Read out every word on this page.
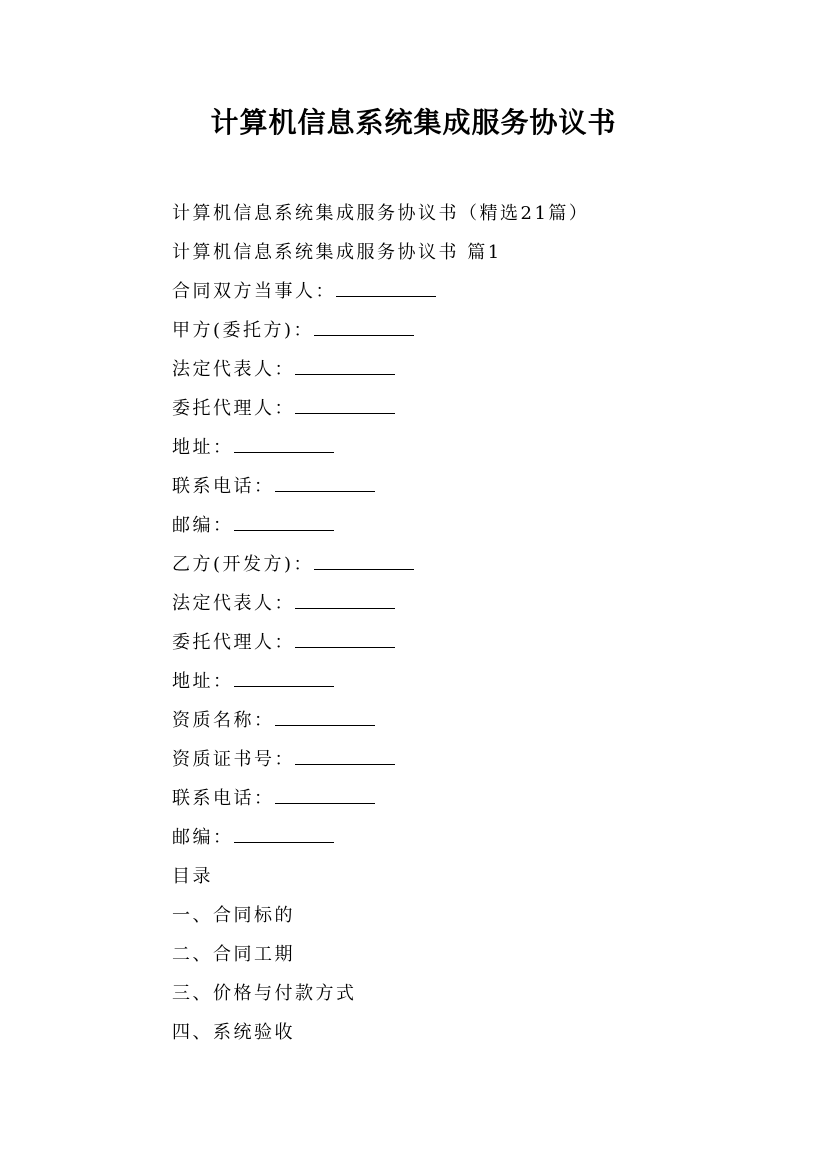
计算机信息系统集成服务协议书
计算机信息系统集成服务协议书（精选21篇）
计算机信息系统集成服务协议书 篇1
合同双方当事人：
甲方(委托方)：
法定代表人：
委托代理人：
地址：
联系电话：
邮编：
乙方(开发方)：
法定代表人：
委托代理人：
地址：
资质名称：
资质证书号：
联系电话：
邮编：
目录
一、合同标的
二、合同工期
三、价格与付款方式
四、系统验收
